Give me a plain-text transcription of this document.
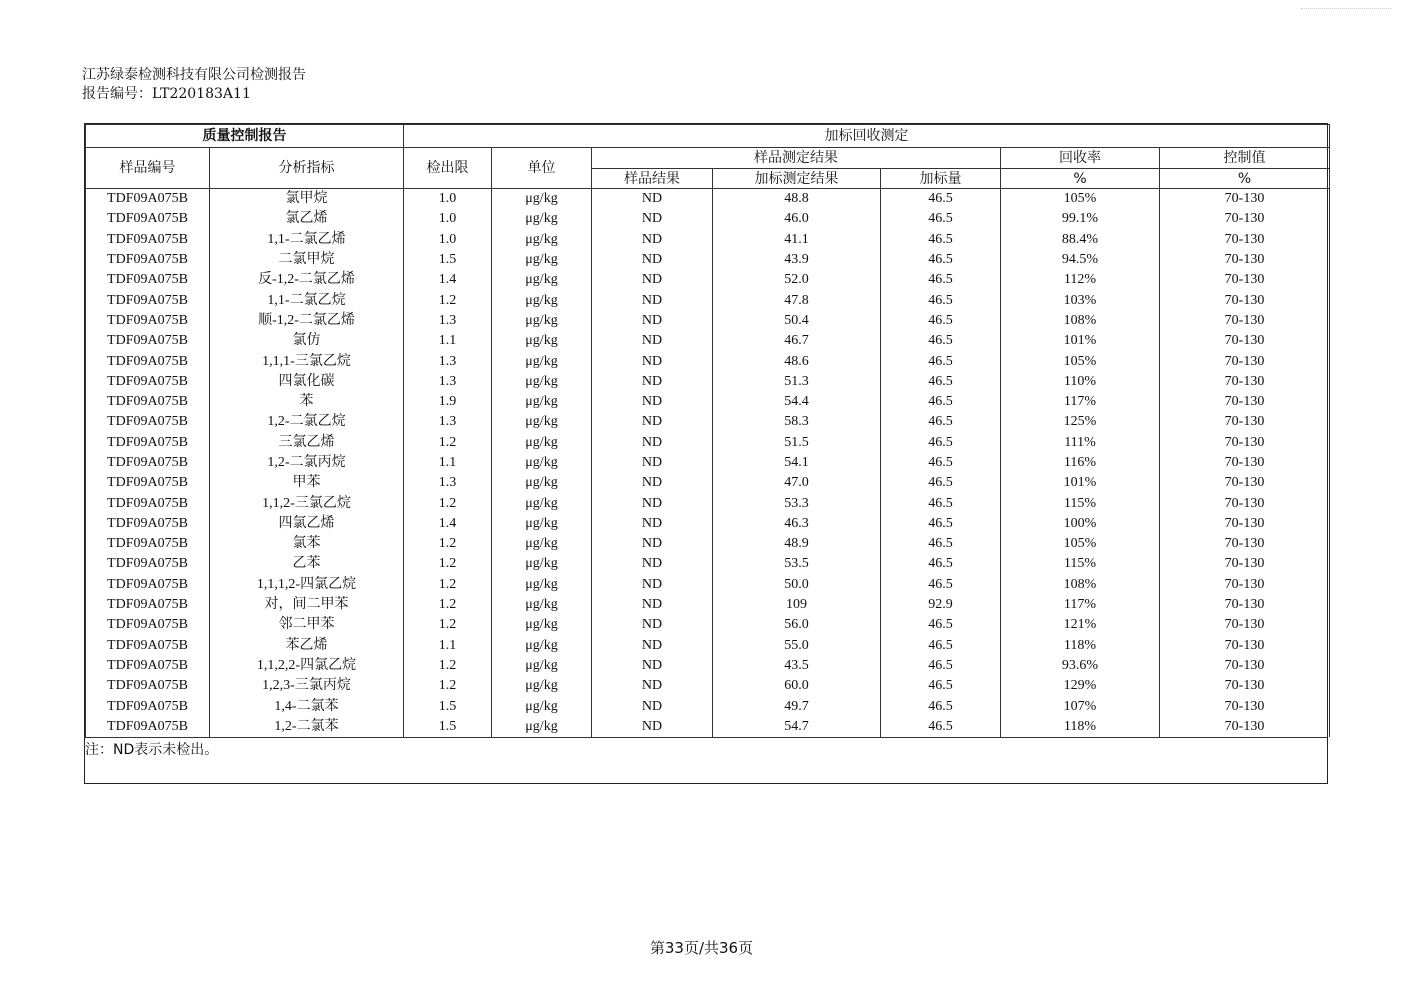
江苏绿泰检测科技有限公司检测报告
报告编号：LT220183A11
质量控制报告		加标回收测定						
样品编号	分析指标	检出限	单位	样品测定结果			回收率	控制值
				样品结果	加标测定结果	加标量	%	%
TDF09A075B	氯甲烷	1.0	μg/kg	ND	48.8	46.5	105%	70-130
TDF09A075B	氯乙烯	1.0	μg/kg	ND	46.0	46.5	99.1%	70-130
TDF09A075B	1,1-二氯乙烯	1.0	μg/kg	ND	41.1	46.5	88.4%	70-130
TDF09A075B	二氯甲烷	1.5	μg/kg	ND	43.9	46.5	94.5%	70-130
TDF09A075B	反-1,2-二氯乙烯	1.4	μg/kg	ND	52.0	46.5	112%	70-130
TDF09A075B	1,1-二氯乙烷	1.2	μg/kg	ND	47.8	46.5	103%	70-130
TDF09A075B	顺-1,2-二氯乙烯	1.3	μg/kg	ND	50.4	46.5	108%	70-130
TDF09A075B	氯仿	1.1	μg/kg	ND	46.7	46.5	101%	70-130
TDF09A075B	1,1,1-三氯乙烷	1.3	μg/kg	ND	48.6	46.5	105%	70-130
TDF09A075B	四氯化碳	1.3	μg/kg	ND	51.3	46.5	110%	70-130
TDF09A075B	苯	1.9	μg/kg	ND	54.4	46.5	117%	70-130
TDF09A075B	1,2-二氯乙烷	1.3	μg/kg	ND	58.3	46.5	125%	70-130
TDF09A075B	三氯乙烯	1.2	μg/kg	ND	51.5	46.5	111%	70-130
TDF09A075B	1,2-二氯丙烷	1.1	μg/kg	ND	54.1	46.5	116%	70-130
TDF09A075B	甲苯	1.3	μg/kg	ND	47.0	46.5	101%	70-130
TDF09A075B	1,1,2-三氯乙烷	1.2	μg/kg	ND	53.3	46.5	115%	70-130
TDF09A075B	四氯乙烯	1.4	μg/kg	ND	46.3	46.5	100%	70-130
TDF09A075B	氯苯	1.2	μg/kg	ND	48.9	46.5	105%	70-130
TDF09A075B	乙苯	1.2	μg/kg	ND	53.5	46.5	115%	70-130
TDF09A075B	1,1,1,2-四氯乙烷	1.2	μg/kg	ND	50.0	46.5	108%	70-130
TDF09A075B	对，间二甲苯	1.2	μg/kg	ND	109	92.9	117%	70-130
TDF09A075B	邻二甲苯	1.2	μg/kg	ND	56.0	46.5	121%	70-130
TDF09A075B	苯乙烯	1.1	μg/kg	ND	55.0	46.5	118%	70-130
TDF09A075B	1,1,2,2-四氯乙烷	1.2	μg/kg	ND	43.5	46.5	93.6%	70-130
TDF09A075B	1,2,3-三氯丙烷	1.2	μg/kg	ND	60.0	46.5	129%	70-130
TDF09A075B	1,4-二氯苯	1.5	μg/kg	ND	49.7	46.5	107%	70-130
TDF09A075B	1,2-二氯苯	1.5	μg/kg	ND	54.7	46.5	118%	70-130
注：ND表示未检出。
第33页/共36页
